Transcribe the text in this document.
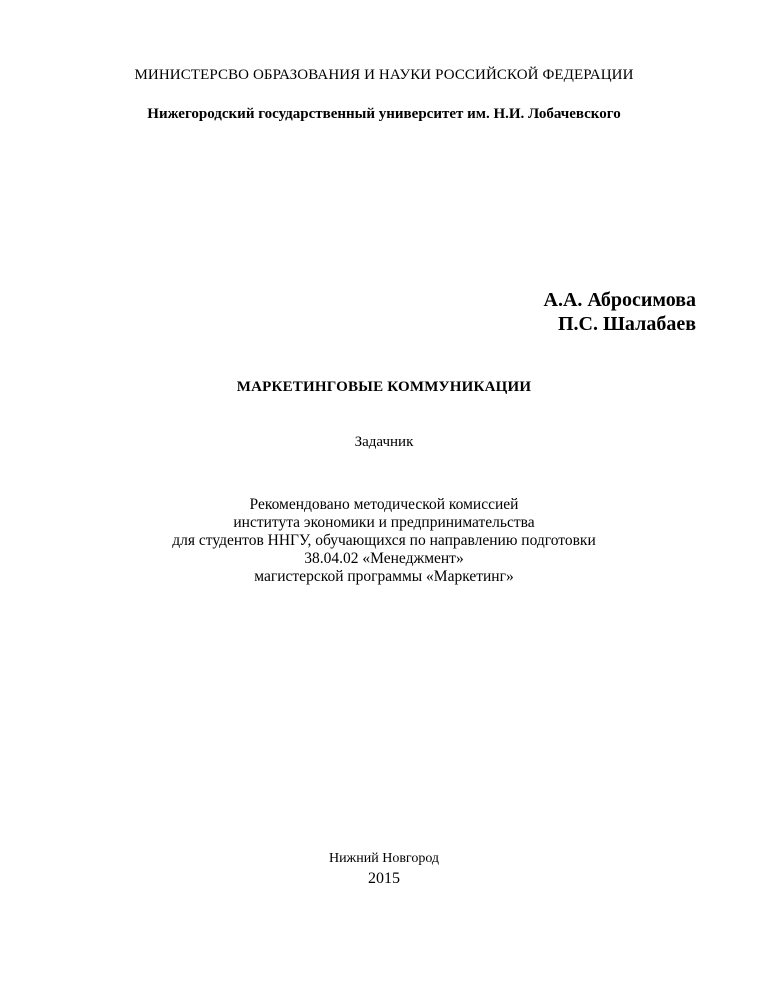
МИНИСТЕРСВО ОБРАЗОВАНИЯ И НАУКИ РОССИЙСКОЙ ФЕДЕРАЦИИ
Нижегородский государственный университет им. Н.И. Лобачевского
А.А. Абросимова
П.С. Шалабаев
МАРКЕТИНГОВЫЕ КОММУНИКАЦИИ
Задачник
Рекомендовано методической комиссией
института экономики и предпринимательства
для студентов ННГУ, обучающихся по направлению подготовки
38.04.02 «Менеджмент»
магистерской программы «Маркетинг»
Нижний Новгород
2015
